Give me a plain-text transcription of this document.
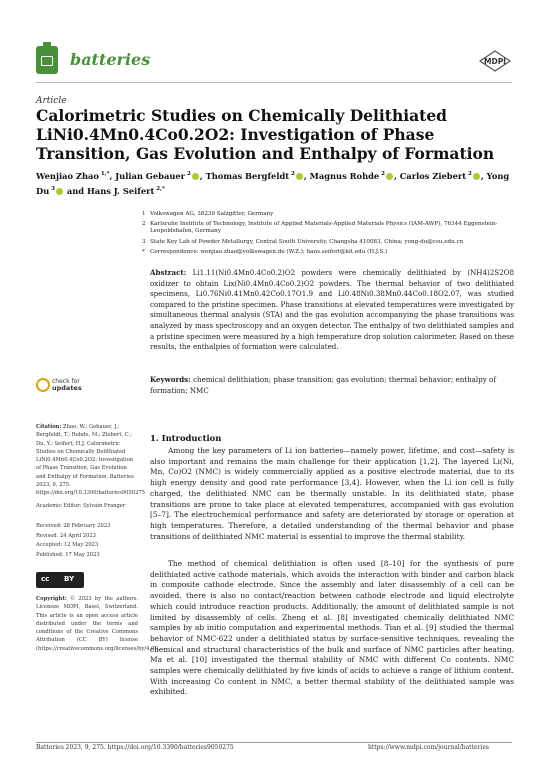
batteries	MDPI
Article
Calorimetric Studies on Chemically Delithiated LiNi0.4Mn0.4Co0.2O2: Investigation of Phase Transition, Gas Evolution and Enthalpy of Formation
Wenjiao Zhao $^{1,*}$, Julian Gebauer $^2$ , Thomas Bergfeldt $^2$ , Magnus Rohde $^2$ , Carlos Ziebert $^2$ , Yong Du $^3$ and Hans J. Seifert $^{2,*}$
1 Volkswagen AG, 38239 Salzgitter, Germany
2 Karlsruhe Institute of Technology, Institute of Applied Materials-Applied Materials Physics (IAM-AWP), 76344 Eggenstein-Leopoldshafen, Germany
3 State Key Lab of Powder Metallurgy, Central South University, Changsha 410083, China; yong-du@csu.edu.cn
* Correspondence: wenjiao.zhao@volkswagen.de (W.Z.); hans.seifert@kit.edu (H.J.S.)
Abstract: Li1.11(Ni0.4Mn0.4Co0.2)O2 powders were chemically delithiated by (NH4)2S2O8 oxidizer to obtain Lix(Ni0.4Mn0.4Co0.2)O2 powders. The thermal behavior of two delithiated specimens, Li0.76Ni0.41Mn0.42Co0.17O1.9 and Li0.48Ni0.38Mn0.44Co0.18O2.07, was studied compared to the pristine specimen. Phase transitions at elevated temperatures were investigated by simultaneous thermal analysis (STA) and the gas evolution accompanying the phase transitions was analyzed by mass spectroscopy and an oxygen detector. The enthalpy of two delithiated samples and a pristine specimen were measured by a high temperature drop solution calorimeter. Based on these results, the enthalpies of formation were calculated.
Keywords: chemical delithiation; phase transition; gas evolution; thermal behavior; enthalpy of formation; NMC
check for
updates
Citation: Zhao, W.; Gebauer, J.; Bergfeldt, T.; Rohde, M.; Ziebert, C.; Du, Y.; Seifert, H.J. Calorimetric Studies on Chemically Delithiated LiNi0.4Mn0.4Co0.2O2: Investigation of Phase Transition, Gas Evolution and Enthalpy of Formation. Batteries 2023, 9, 275. https://doi.org/10.3390/batteries9050275
Academic Editor: Sylvain Franger
Received: 28 February 2023
Revised: 24 April 2023
Accepted: 12 May 2023
Published: 17 May 2023
cc BY
Copyright: © 2023 by the authors. Licensee MDPI, Basel, Switzerland. This article is an open access article distributed under the terms and conditions of the Creative Commons Attribution (CC BY) license (https://creativecommons.org/licenses/by/4.0/).
1. Introduction
Among the key parameters of Li ion batteries—namely power, lifetime, and cost—safety is also important and remains the main challenge for their application [1,2]. The layered Li(Ni, Mn, Co)O2 (NMC) is widely commercially applied as a positive electrode material, due to its high energy density and good rate performance [3,4]. However, when the Li ion cell is fully charged, the delithiated NMC can be thermally unstable. In its delithiated state, phase transitions are prone to take place at elevated temperatures, accompanied with gas evolution [5–7]. The electrochemical performance and safety are deteriorated by storage or operation at high temperatures. Therefore, a detailed understanding of the thermal behavior and phase transitions of delithiated NMC material is essential to improve the thermal stability.
The method of chemical delithiation is often used [8–10] for the synthesis of pure delithiated active cathode materials, which avoids the interaction with binder and carbon black in composite cathode electrode. Since the assembly and later disassembly of a cell can be avoided, there is also no contact/reaction between cathode electrode and liquid electrolyte which could introduce reaction products. Additionally, the amount of delithiated sample is not limited by disassembly of cells. Zheng et al. [8] investigated chemically delithiated NMC samples by ab initio computation and experimental methods. Tian et al. [9] studied the thermal behavior of NMC-622 under a delithiated status by surface-sensitive techniques, revealing the chemical and structural characteristics of the bulk and surface of NMC particles after heating. Ma et al. [10] investigated the thermal stability of NMC with different Co contents. NMC samples were chemically delithiated by five kinds of acids to achieve a range of lithium content. With increasing Co content in NMC, a better thermal stability of the delithiated sample was exhibited.
Batteries 2023, 9, 275. https://doi.org/10.3390/batteries9050275	https://www.mdpi.com/journal/batteries
